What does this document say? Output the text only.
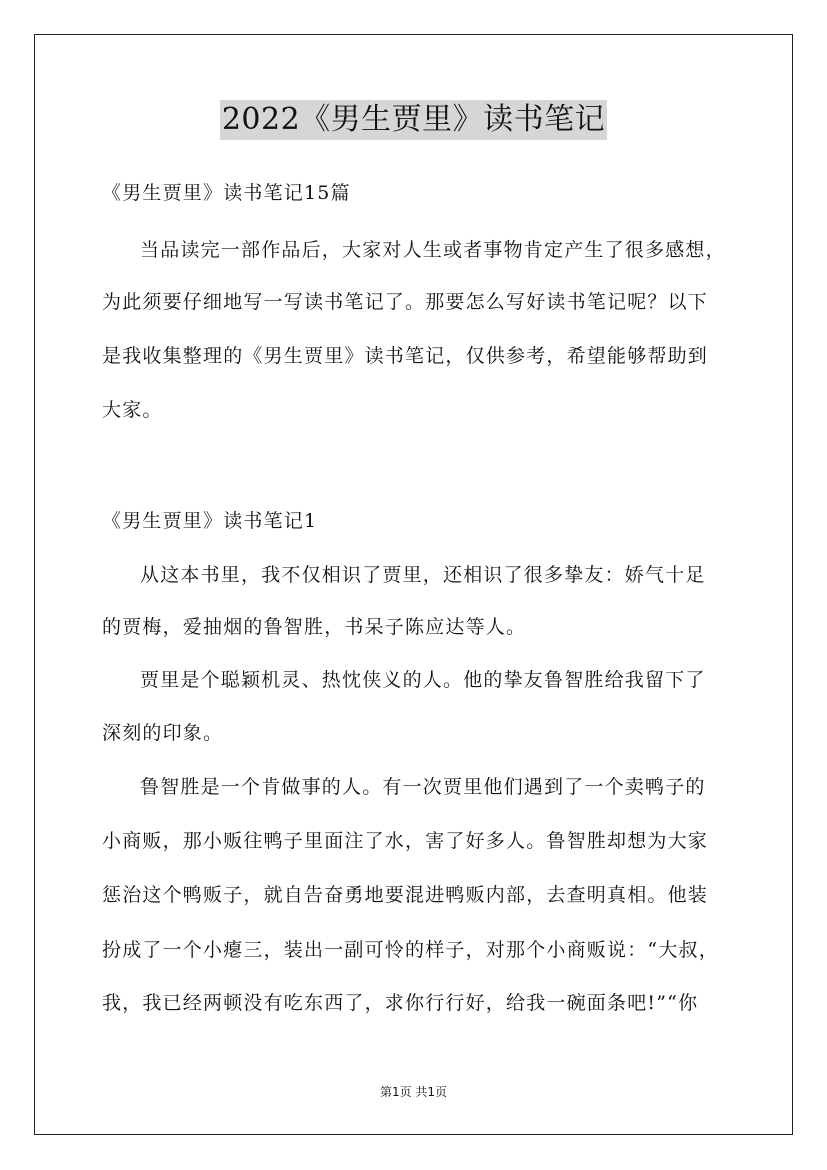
2022《男生贾里》读书笔记
《男生贾里》读书笔记15篇
当品读完一部作品后，大家对人生或者事物肯定产生了很多感想，
为此须要仔细地写一写读书笔记了。那要怎么写好读书笔记呢？以下
是我收集整理的《男生贾里》读书笔记，仅供参考，希望能够帮助到
大家。
《男生贾里》读书笔记1
从这本书里，我不仅相识了贾里，还相识了很多挚友：娇气十足
的贾梅，爱抽烟的鲁智胜，书呆子陈应达等人。
贾里是个聪颖机灵、热忱侠义的人。他的挚友鲁智胜给我留下了
深刻的印象。
鲁智胜是一个肯做事的人。有一次贾里他们遇到了一个卖鸭子的
小商贩，那小贩往鸭子里面注了水，害了好多人。鲁智胜却想为大家
惩治这个鸭贩子，就自告奋勇地要混进鸭贩内部，去查明真相。他装
扮成了一个小瘪三，装出一副可怜的样子，对那个小商贩说：“大叔，
我，我已经两顿没有吃东西了，求你行行好，给我一碗面条吧!”“你
第1页 共1页
